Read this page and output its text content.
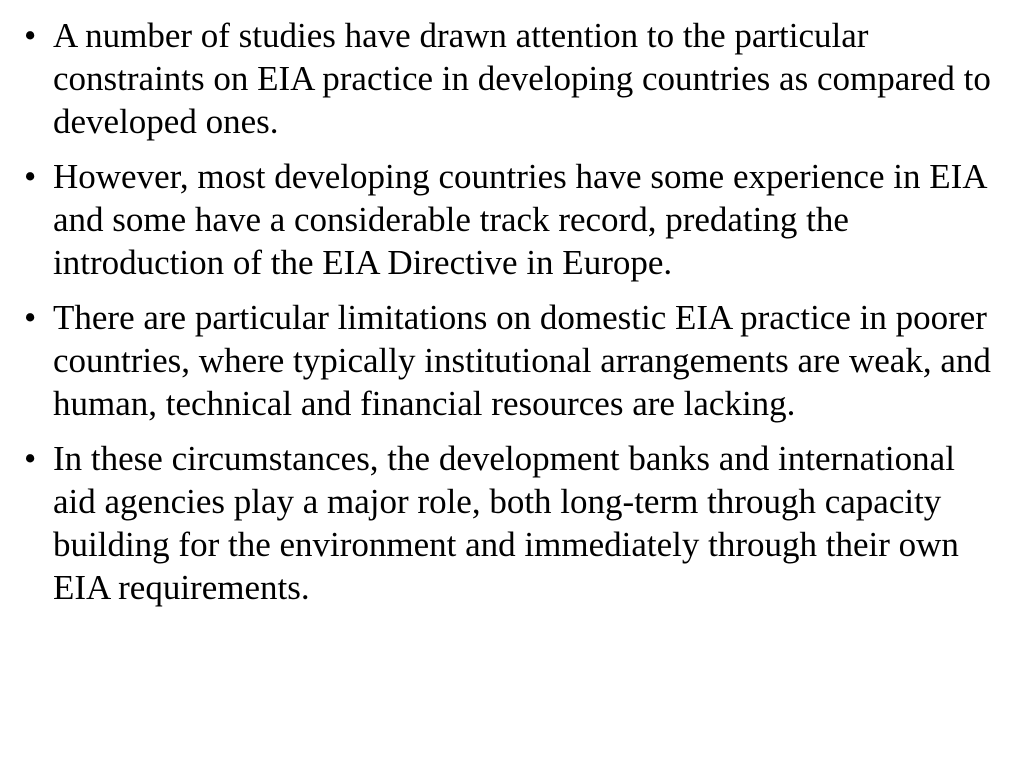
• A number of studies have drawn attention to the particular constraints on EIA practice in developing countries as compared to developed ones.
• However, most developing countries have some experience in EIA and some have a considerable track record, predating the introduction of the EIA Directive in Europe.
• There are particular limitations on domestic EIA practice in poorer countries, where typically institutional arrangements are weak, and human, technical and financial resources are lacking.
• In these circumstances, the development banks and international aid agencies play a major role, both long-term through capacity building for the environment and immediately through their own EIA requirements.
